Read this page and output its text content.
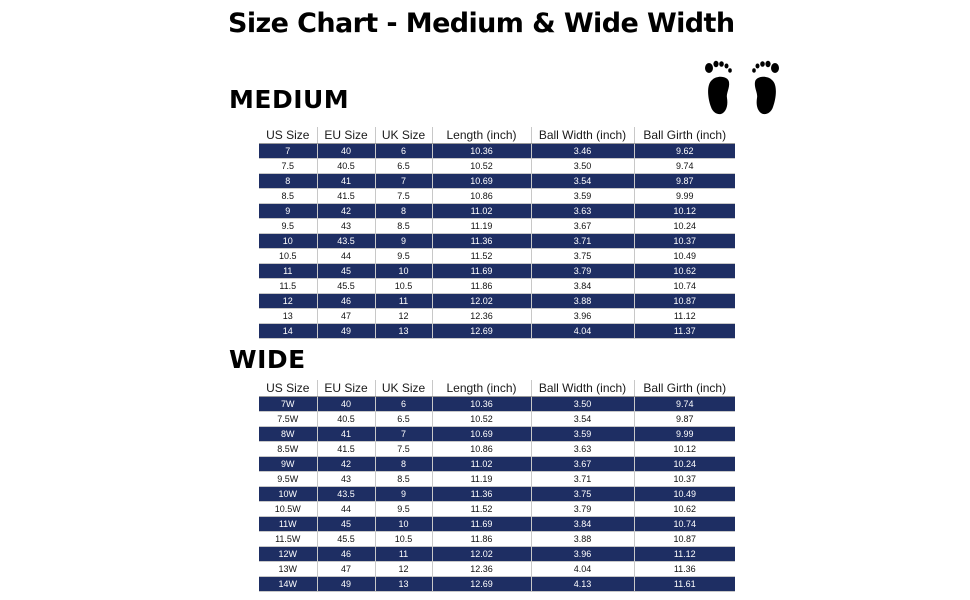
Size Chart - Medium & Wide Width
MEDIUM
US Size	EU Size	UK Size	Length (inch)	Ball Width (inch)	Ball Girth (inch)
7	40	6	10.36	3.46	9.62
7.5	40.5	6.5	10.52	3.50	9.74
8	41	7	10.69	3.54	9.87
8.5	41.5	7.5	10.86	3.59	9.99
9	42	8	11.02	3.63	10.12
9.5	43	8.5	11.19	3.67	10.24
10	43.5	9	11.36	3.71	10.37
10.5	44	9.5	11.52	3.75	10.49
11	45	10	11.69	3.79	10.62
11.5	45.5	10.5	11.86	3.84	10.74
12	46	11	12.02	3.88	10.87
13	47	12	12.36	3.96	11.12
14	49	13	12.69	4.04	11.37
WIDE
US Size	EU Size	UK Size	Length (inch)	Ball Width (inch)	Ball Girth (inch)
7W	40	6	10.36	3.50	9.74
7.5W	40.5	6.5	10.52	3.54	9.87
8W	41	7	10.69	3.59	9.99
8.5W	41.5	7.5	10.86	3.63	10.12
9W	42	8	11.02	3.67	10.24
9.5W	43	8.5	11.19	3.71	10.37
10W	43.5	9	11.36	3.75	10.49
10.5W	44	9.5	11.52	3.79	10.62
11W	45	10	11.69	3.84	10.74
11.5W	45.5	10.5	11.86	3.88	10.87
12W	46	11	12.02	3.96	11.12
13W	47	12	12.36	4.04	11.36
14W	49	13	12.69	4.13	11.61
